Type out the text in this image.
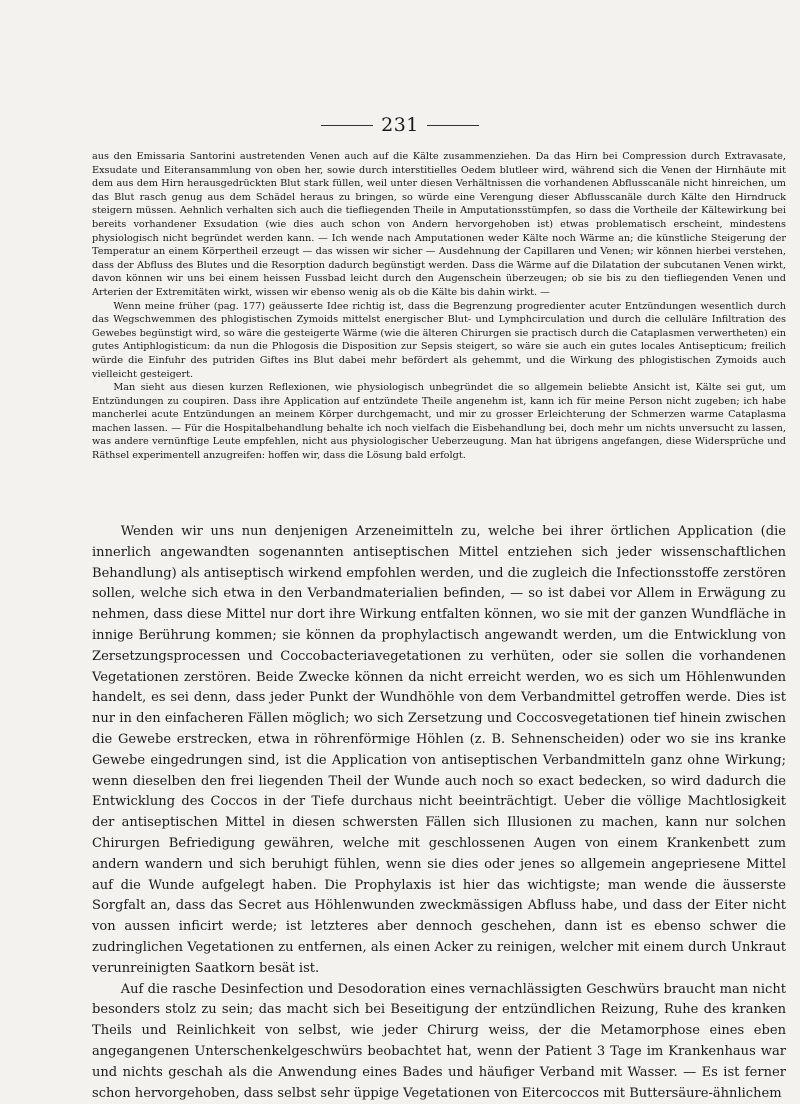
231

aus den Emissaria Santorini austretenden Venen auch auf die Kälte zusammenziehen. Da das Hirn bei Compression durch Extravasate, Exsudate und Eiteransammlung von oben her, sowie durch interstitielles Oedem blutleer wird, während sich die Venen der Hirnhäute mit dem aus dem Hirn herausgedrückten Blut stark füllen, weil unter diesen Verhältnissen die vorhandenen Abflusscanäle nicht hinreichen, um das Blut rasch genug aus dem Schädel heraus zu bringen, so würde eine Verengung dieser Abflusscanäle durch Kälte den Hirndruck steigern müssen. Aehnlich verhalten sich auch die tiefliegenden Theile in Amputationsstümpfen, so dass die Vortheile der Kältewirkung bei bereits vorhandener Exsudation (wie dies auch schon von Andern hervorgehoben ist) etwas problematisch erscheint, mindestens physiologisch nicht begründet werden kann. — Ich wende nach Amputationen weder Kälte noch Wärme an; die künstliche Steigerung der Temperatur an einem Körpertheil erzeugt — das wissen wir sicher — Ausdehnung der Capillaren und Venen; wir können hierbei verstehen, dass der Abfluss des Blutes und die Resorption dadurch begünstigt werden. Dass die Wärme auf die Dilatation der subcutanen Venen wirkt, davon können wir uns bei einem heissen Fussbad leicht durch den Augenschein überzeugen; ob sie bis zu den tiefliegenden Venen und Arterien der Extremitäten wirkt, wissen wir ebenso wenig als ob die Kälte bis dahin wirkt. —

Wenn meine früher (pag. 177) geäusserte Idee richtig ist, dass die Begrenzung progredienter acuter Entzündungen wesentlich durch das Wegschwemmen des phlogistischen Zymoids mittelst energischer Blut- und Lymphcirculation und durch die celluläre Infiltration des Gewebes begünstigt wird, so wäre die gesteigerte Wärme (wie die älteren Chirurgen sie practisch durch die Cataplasmen verwertheten) ein gutes Antiphlogisticum: da nun die Phlogosis die Disposition zur Sepsis steigert, so wäre sie auch ein gutes locales Antisepticum; freilich würde die Einfuhr des putriden Giftes ins Blut dabei mehr befördert als gehemmt, und die Wirkung des phlogistischen Zymoids auch vielleicht gesteigert.

Man sieht aus diesen kurzen Reflexionen, wie physiologisch unbegründet die so allgemein beliebte Ansicht ist, Kälte sei gut, um Entzündungen zu coupiren. Dass ihre Application auf entzündete Theile angenehm ist, kann ich für meine Person nicht zugeben; ich habe mancherlei acute Entzündungen an meinem Körper durchgemacht, und mir zu grosser Erleichterung der Schmerzen warme Cataplasma machen lassen. — Für die Hospitalbehandlung behalte ich noch vielfach die Eisbehandlung bei, doch mehr um nichts unversucht zu lassen, was andere vernünftige Leute empfehlen, nicht aus physiologischer Ueberzeugung. Man hat übrigens angefangen, diese Widersprüche und Räthsel experimentell anzugreifen: hoffen wir, dass die Lösung bald erfolgt.

Wenden wir uns nun denjenigen Arzeneimitteln zu, welche bei ihrer örtlichen Application (die innerlich angewandten sogenannten antiseptischen Mittel entziehen sich jeder wissenschaftlichen Behandlung) als antiseptisch wirkend empfohlen werden, und die zugleich die Infectionsstoffe zerstören sollen, welche sich etwa in den Verbandmaterialien befinden, — so ist dabei vor Allem in Erwägung zu nehmen, dass diese Mittel nur dort ihre Wirkung entfalten können, wo sie mit der ganzen Wundfläche in innige Berührung kommen; sie können da prophylactisch angewandt werden, um die Entwicklung von Zersetzungsprocessen und Coccobacteriavegetationen zu verhüten, oder sie sollen die vorhandenen Vegetationen zerstören. Beide Zwecke können da nicht erreicht werden, wo es sich um Höhlenwunden handelt, es sei denn, dass jeder Punkt der Wundhöhle von dem Verbandmittel getroffen werde. Dies ist nur in den einfacheren Fällen möglich; wo sich Zersetzung und Coccosvegetationen tief hinein zwischen die Gewebe erstrecken, etwa in röhrenförmige Höhlen (z. B. Sehnenscheiden) oder wo sie ins kranke Gewebe eingedrungen sind, ist die Application von antiseptischen Verbandmitteln ganz ohne Wirkung; wenn dieselben den frei liegenden Theil der Wunde auch noch so exact bedecken, so wird dadurch die Entwicklung des Coccos in der Tiefe durchaus nicht beeinträchtigt. Ueber die völlige Machtlosigkeit der antiseptischen Mittel in diesen schwersten Fällen sich Illusionen zu machen, kann nur solchen Chirurgen Befriedigung gewähren, welche mit geschlossenen Augen von einem Krankenbett zum andern wandern und sich beruhigt fühlen, wenn sie dies oder jenes so allgemein angepriesene Mittel auf die Wunde aufgelegt haben. Die Prophylaxis ist hier das wichtigste; man wende die äusserste Sorgfalt an, dass das Secret aus Höhlenwunden zweckmässigen Abfluss habe, und dass der Eiter nicht von aussen inficirt werde; ist letzteres aber dennoch geschehen, dann ist es ebenso schwer die zudringlichen Vegetationen zu entfernen, als einen Acker zu reinigen, welcher mit einem durch Unkraut verunreinigten Saatkorn besät ist.

Auf die rasche Desinfection und Desodoration eines vernachlässigten Geschwürs braucht man nicht besonders stolz zu sein; das macht sich bei Beseitigung der entzündlichen Reizung, Ruhe des kranken Theils und Reinlichkeit von selbst, wie jeder Chirurg weiss, der die Metamorphose eines eben angegangenen Unterschenkelgeschwürs beobachtet hat, wenn der Patient 3 Tage im Krankenhaus war und nichts geschah als die Anwendung eines Bades und häufiger Verband mit Wasser. — Es ist ferner schon hervorgehoben, dass selbst sehr üppige Vegetationen von Eitercoccos mit Buttersäure-ähnlichem
